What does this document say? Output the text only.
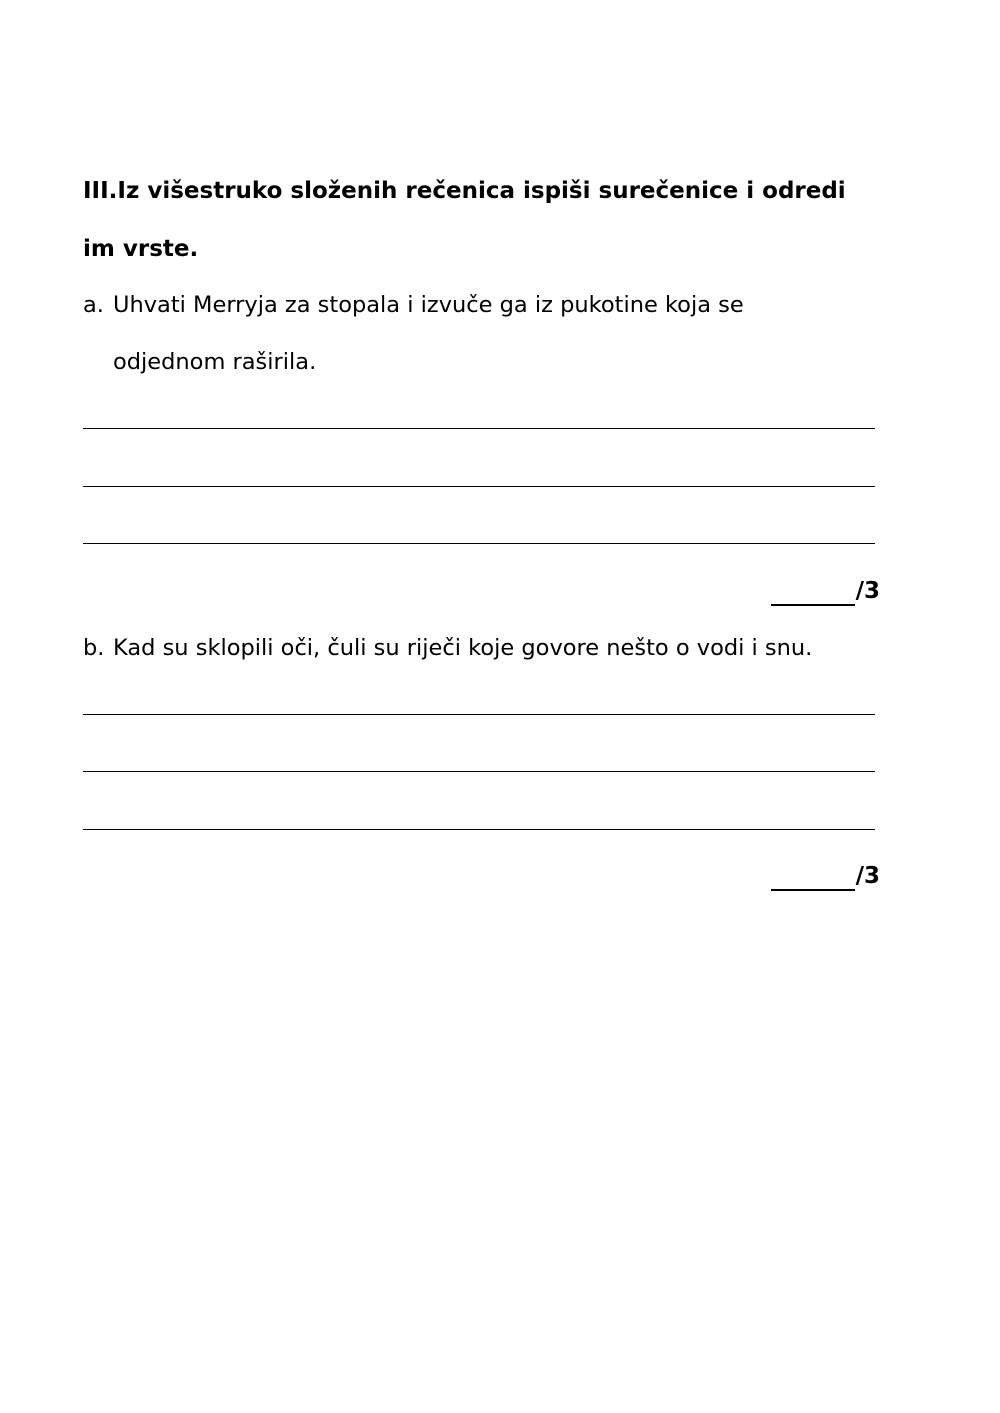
III.Iz višestruko složenih rečenica ispiši surečenice i odredi
im vrste.
a. Uhvati Merryja za stopala i izvuče ga iz pukotine koja se
odjednom raširila.
/3
b. Kad su sklopili oči, čuli su riječi koje govore nešto o vodi i snu.
/3
